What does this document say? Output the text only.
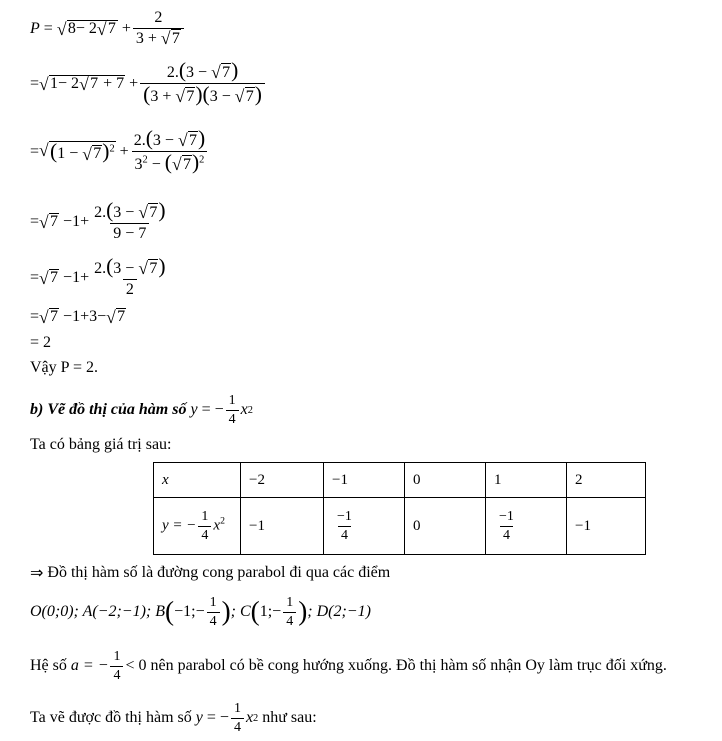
P
=
√ 8− 2 √ 7
+ $\frac{2}{3 + √ 7}$
= √ 1− 2 √ 7 + 7
+ $\frac{2.(3 - √ 7)}{(3 + √ 7)(3 - √ 7)}$
= √ (1 − √ 7)$^2$
+ $\frac{2.(3 - √ 7)}{3^2 - ( √ 7)^2}$
= √ 7
− $1 + \frac{2.(3 - √ 7)}{9 - 7}$
= √ 7
− $1 + \frac{2.(3 - √ 7)}{2}$
= √ 7
− 1 + 3 − √ 7
=
2
Vậy P = 2.
b) Vẽ đồ thị của hàm số
y
=
− $\frac{1}{4}$ x 2
Ta có bảng giá trị sau:
x	−2	−1	0	1	2
y = − $\frac{1}{4} x^2$	−1	$\frac{-1}{4}$	0	$\frac{-1}{4}$	−1
⇒
Đồ thị hàm số là đường cong parabol đi qua các điểm
O(0;0); A(−2;−1); B ( −1;− $\frac{1}{4}$ ) ; C ( 1;− $\frac{1}{4}$ ) ; D(2;−1)
Hệ số
a = − $\frac{1}{4} < 0$
nên parabol có bề cong hướng xuống. Đồ thị hàm số nhận Oy làm trục đối xứng.
Ta vẽ được đồ thị hàm số
y
=
− $\frac{1}{4}$ x 2
như sau:
